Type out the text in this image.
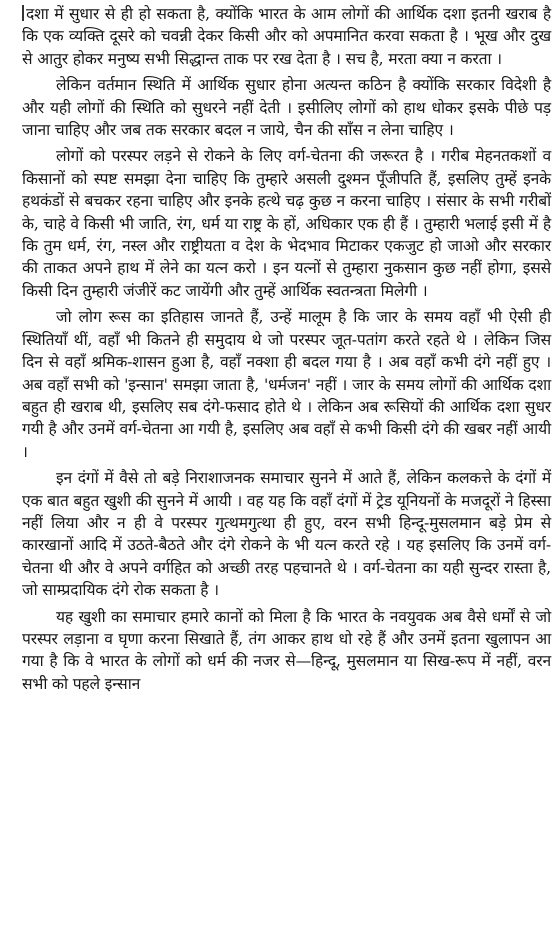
दशा में सुधार से ही हो सकता है, क्योंकि भारत के आम लोगों की आर्थिक दशा इतनी खराब है कि एक व्यक्ति दूसरे को चवन्नी देकर किसी और को अपमानित करवा सकता है । भूख और दुख से आतुर होकर मनुष्य सभी सिद्धान्त ताक पर रख देता है । सच है, मरता क्या न करता ।

लेकिन वर्तमान स्थिति में आर्थिक सुधार होना अत्यन्त कठिन है क्योंकि सरकार विदेशी है और यही लोगों की स्थिति को सुधरने नहीं देती । इसीलिए लोगों को हाथ धोकर इसके पीछे पड़ जाना चाहिए और जब तक सरकार बदल न जाये, चैन की साँस न लेना चाहिए ।

लोगों को परस्पर लड़ने से रोकने के लिए वर्ग-चेतना की जरूरत है । गरीब मेहनतकशों व किसानों को स्पष्ट समझा देना चाहिए कि तुम्हारे असली दुश्मन पूँजीपति हैं, इसलिए तुम्हें इनके हथकंडों से बचकर रहना चाहिए और इनके हत्थे चढ़ कुछ न करना चाहिए । संसार के सभी गरीबों के, चाहे वे किसी भी जाति, रंग, धर्म या राष्ट्र के हों, अधिकार एक ही हैं । तुम्हारी भलाई इसी में है कि तुम धर्म, रंग, नस्ल और राष्ट्रीयता व देश के भेदभाव मिटाकर एकजुट हो जाओ और सरकार की ताकत अपने हाथ में लेने का यत्न करो । इन यत्नों से तुम्हारा नुकसान कुछ नहीं होगा, इससे किसी दिन तुम्हारी जंजीरें कट जायेंगी और तुम्हें आर्थिक स्वतन्त्रता मिलेगी ।

जो लोग रूस का इतिहास जानते हैं, उन्हें मालूम है कि जार के समय वहाँ भी ऐसी ही स्थितियाँ थीं, वहाँ भी कितने ही समुदाय थे जो परस्पर जूत-पतांग करते रहते थे । लेकिन जिस दिन से वहाँ श्रमिक-शासन हुआ है, वहाँ नक्शा ही बदल गया है । अब वहाँ कभी दंगे नहीं हुए । अब वहाँ सभी को 'इन्सान' समझा जाता है, 'धर्मजन' नहीं । जार के समय लोगों की आर्थिक दशा बहुत ही खराब थी, इसलिए सब दंगे-फसाद होते थे । लेकिन अब रूसियों की आर्थिक दशा सुधर गयी है और उनमें वर्ग-चेतना आ गयी है, इसलिए अब वहाँ से कभी किसी दंगे की खबर नहीं आयी ।

इन दंगों में वैसे तो बड़े निराशाजनक समाचार सुनने में आते हैं, लेकिन कलकत्ते के दंगों में एक बात बहुत खुशी की सुनने में आयी । वह यह कि वहाँ दंगों में ट्रेड यूनियनों के मजदूरों ने हिस्सा नहीं लिया और न ही वे परस्पर गुत्थमगुत्था ही हुए, वरन सभी हिन्दू-मुसलमान बड़े प्रेम से कारखानों आदि में उठते-बैठते और दंगे रोकने के भी यत्न करते रहे । यह इसलिए कि उनमें वर्ग-चेतना थी और वे अपने वर्गहित को अच्छी तरह पहचानते थे । वर्ग-चेतना का यही सुन्दर रास्ता है, जो साम्प्रदायिक दंगे रोक सकता है ।

यह खुशी का समाचार हमारे कानों को मिला है कि भारत के नवयुवक अब वैसे धर्मों से जो परस्पर लड़ाना व घृणा करना सिखाते हैं, तंग आकर हाथ धो रहे हैं और उनमें इतना खुलापन आ गया है कि वे भारत के लोगों को धर्म की नजर से—हिन्दू, मुसलमान या सिख-रूप में नहीं, वरन सभी को पहले इन्सान
